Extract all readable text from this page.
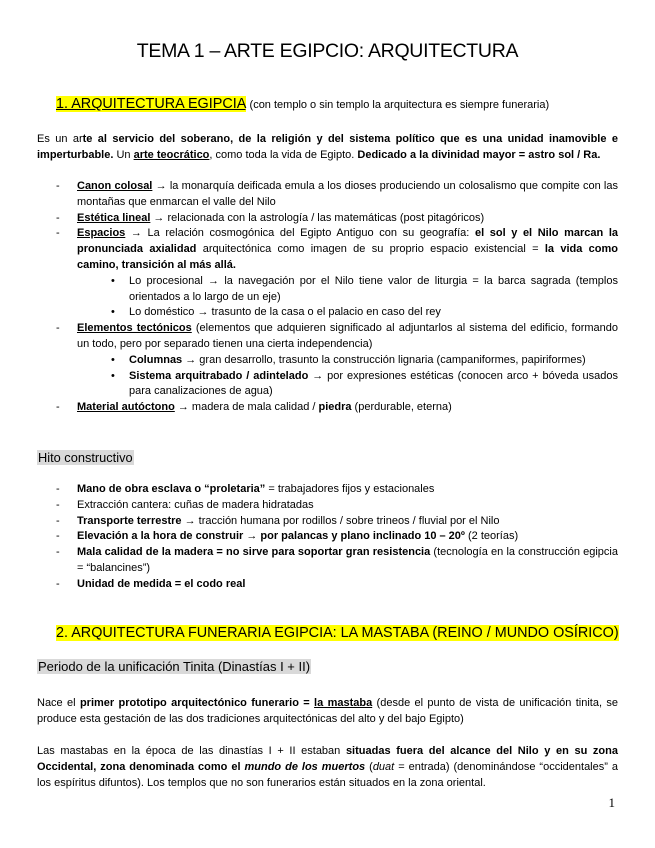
TEMA 1 – ARTE EGIPCIO: ARQUITECTURA
1. ARQUITECTURA EGIPCIA (con templo o sin templo la arquitectura es siempre funeraria)
Es un arte al servicio del soberano, de la religión y del sistema político que es una unidad inamovible e imperturbable. Un arte teocrático, como toda la vida de Egipto. Dedicado a la divinidad mayor = astro sol / Ra.
- Canon colosal → la monarquía deificada emula a los dioses produciendo un colosalismo que compite con las montañas que enmarcan el valle del Nilo
- Estética lineal → relacionada con la astrología / las matemáticas (post pitagóricos)
- Espacios → La relación cosmogónica del Egipto Antiguo con su geografía: el sol y el Nilo marcan la pronunciada axialidad arquitectónica como imagen de su proprio espacio existencial = la vida como camino, transición al más allá.
• Lo procesional → la navegación por el Nilo tiene valor de liturgia = la barca sagrada (templos orientados a lo largo de un eje)
• Lo doméstico → trasunto de la casa o el palacio en caso del rey
- Elementos tectónicos (elementos que adquieren significado al adjuntarlos al sistema del edificio, formando un todo, pero por separado tienen una cierta independencia)
• Columnas → gran desarrollo, trasunto la construcción lignaria (campaniformes, papiriformes)
• Sistema arquitrabado / adintelado → por expresiones estéticas (conocen arco + bóveda usados para canalizaciones de agua)
- Material autóctono → madera de mala calidad / piedra (perdurable, eterna)
Hito constructivo
- Mano de obra esclava o “proletaria” = trabajadores fijos y estacionales
- Extracción cantera: cuñas de madera hidratadas
- Transporte terrestre → tracción humana por rodillos / sobre trineos / fluvial por el Nilo
- Elevación a la hora de construir → por palancas y plano inclinado 10 – 20º (2 teorías)
- Mala calidad de la madera = no sirve para soportar gran resistencia (tecnología en la construcción egipcia = “balancines”)
- Unidad de medida = el codo real
2. ARQUITECTURA FUNERARIA EGIPCIA: LA MASTABA (REINO / MUNDO OSÍRICO)
Periodo de la unificación Tinita (Dinastías I + II)
Nace el primer prototipo arquitectónico funerario = la mastaba (desde el punto de vista de unificación tinita, se produce esta gestación de las dos tradiciones arquitectónicas del alto y del bajo Egipto)
Las mastabas en la época de las dinastías I + II estaban situadas fuera del alcance del Nilo y en su zona Occidental, zona denominada como el mundo de los muertos (duat = entrada) (denominándose “occidentales” a los espíritus difuntos). Los templos que no son funerarios están situados en la zona oriental.
1
